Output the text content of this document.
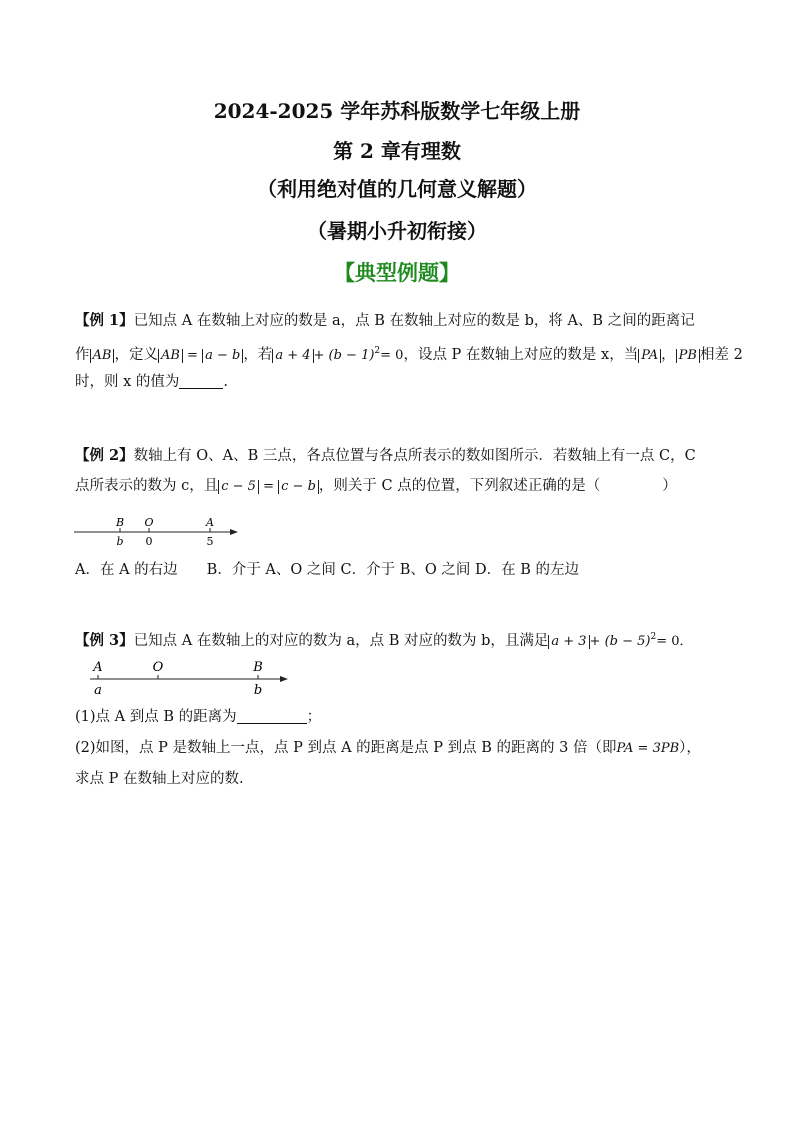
2024-2025 学年苏科版数学七年级上册
第 2 章有理数
（利用绝对值的几何意义解题）
（暑期小升初衔接）
【典型例题】
【例 1】已知点 A 在数轴上对应的数是 a，点 B 在数轴上对应的数是 b，将 A、B 之间的距离记
作 AB ，定义 AB = a − b ，若 $a + 4 + (b - 1)^2= 0$，设点 P 在数轴上对应的数是 x，当 PA ， PB 相差 2
时，则 x 的值为	.
【例 2】数轴上有 O、A、B 三点，各点位置与各点所表示的数如图所示．若数轴上有一点 C，C
点所表示的数为 c，且 c − 5 = c − b ，则关于 C 点的位置，下列叙述正确的是（	）
B O	A
b 0	5
A．在 A 的右边　　B．介于 A、O 之间 C．介于 B、O 之间 D．在 B 的左边
【例 3】已知点 A 在数轴上的对应的数为 a，点 B 对应的数为 b，且满足 $a + 3 + (b - 5)^2= 0$．
A	O	B
a	b
(1)点 A 到点 B 的距离为	；
(2)如图，点 P 是数轴上一点，点 P 到点 A 的距离是点 P 到点 B 的距离的 3 倍（即PA = 3PB），
求点 P 在数轴上对应的数.
